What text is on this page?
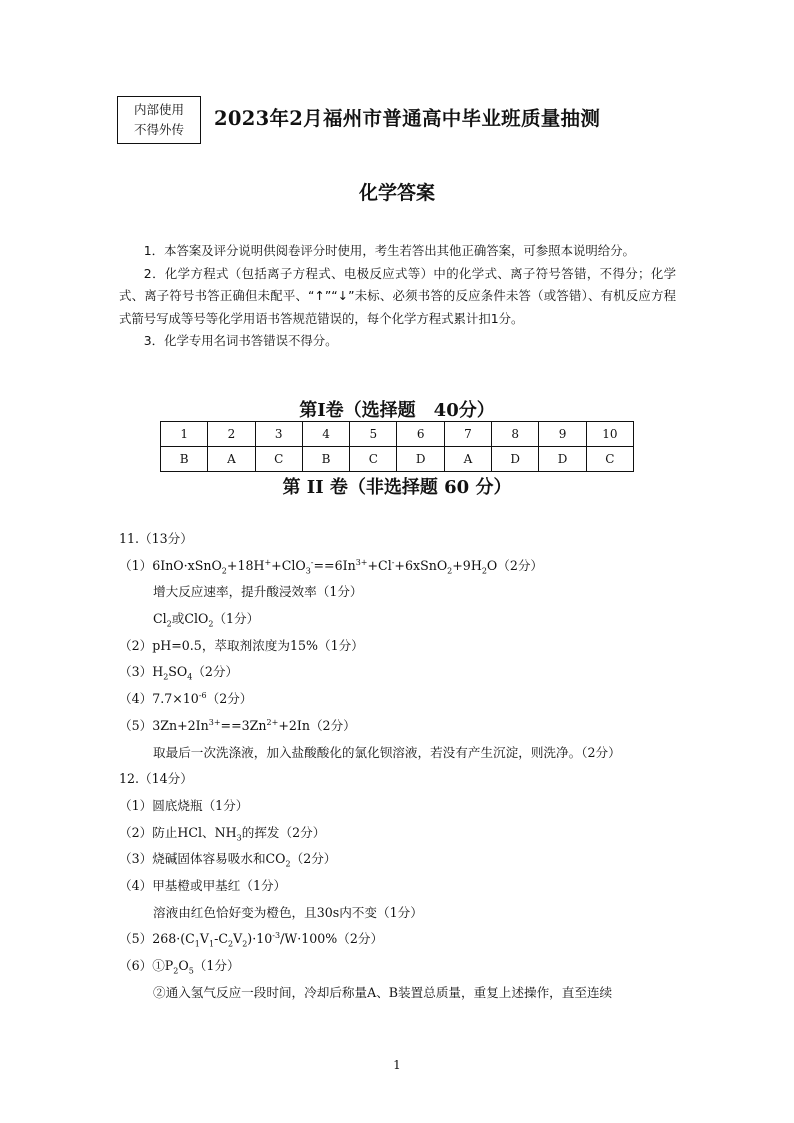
内部使用
不得外传	2023年2月福州市普通高中毕业班质量抽测
化学答案

1．本答案及评分说明供阅卷评分时使用，考生若答出其他正确答案，可参照本说明给分。

2．化学方程式（包括离子方程式、电极反应式等）中的化学式、离子符号答错，不得分；化学式、离子符号书答正确但未配平、“↑”“↓”未标、必须书答的反应条件未答（或答错）、有机反应方程式箭号写成等号等化学用语书答规范错误的，每个化学方程式累计扣1分。

3．化学专用名词书答错误不得分。

第Ⅰ卷（选择题　40分）
1	2	3	4	5	6	7	8	9	10
B	A	C	B	C	D	A	D	D	C
第 II 卷（非选择题 60 分）
11.（13分）
$(1)6InO\cdot xSnO_2+18H^++ClO_3^-==6In^{3+}+Cl^-+6xSnO_2+9H_2O(2$分）
增大反应速率，提升酸浸效率（1分）
$Cl_2$或ClO$_2$（1分）
（2）pH=0.5，萃取剂浓度为15%（1分）
$(3)H_2SO_4(2$分）
$(4)7.7\times 10^{-6}(2$分）
$(5)3Zn+2In^{3+}==3Zn^{2+}+2In(2$分）
取最后一次洗涤液，加入盐酸酸化的氯化钡溶液，若没有产生沉淀，则洗净。（2分）
12.（14分）
（1）圆底烧瓶（1分）
（2）防止HCl、$NH_3$的挥发（2分）
（3）烧碱固体容易吸水和$CO_2(2$分）
（4）甲基橙或甲基红（1分）
溶液由红色恰好变为橙色，且30s内不变（1分）
$(5)268\cdot(C_1V_1-C_2V_2)\cdot 10^{-3}/W\cdot 100\%(2$分）
$(6)①P_2O_5(1$分）
②通入氢气反应一段时间，冷却后称量A、B装置总质量，重复上述操作，直至连续
1
